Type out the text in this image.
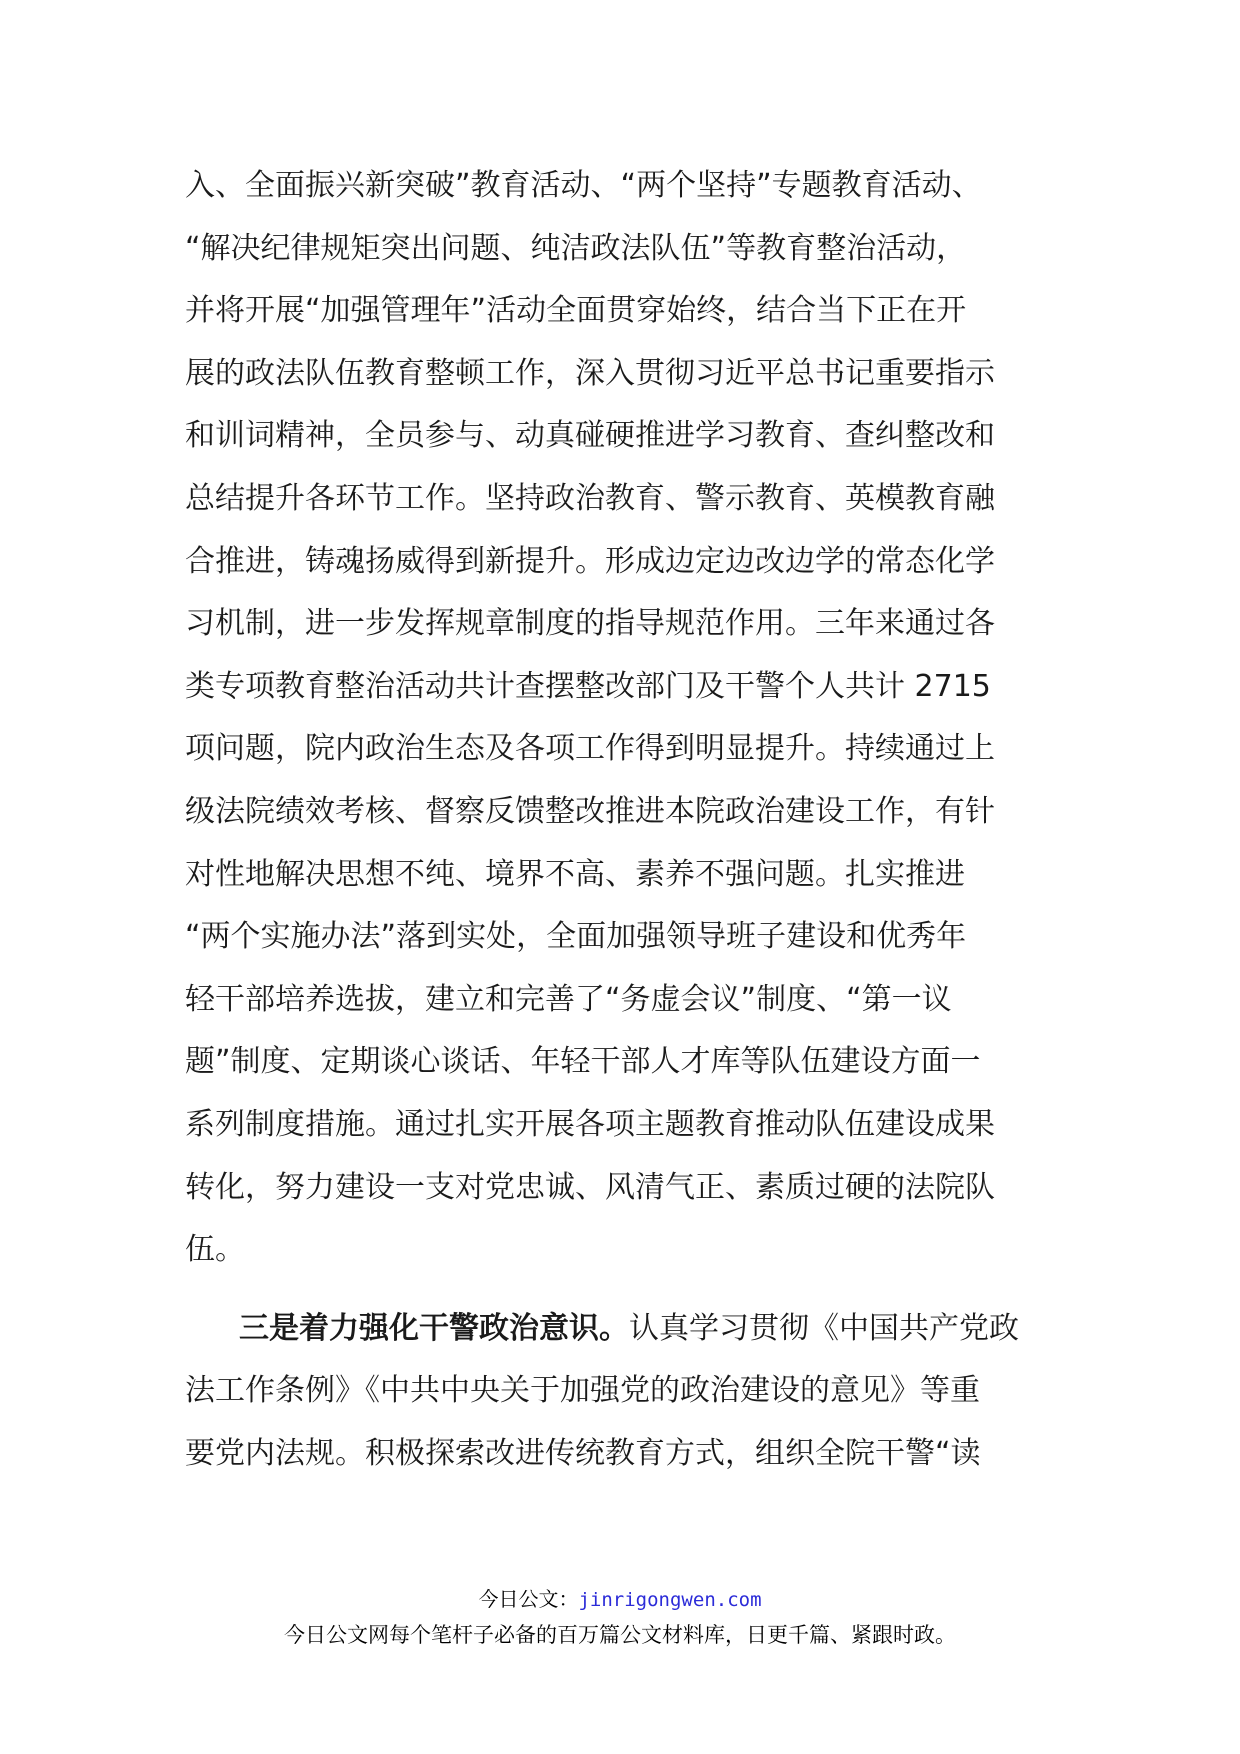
入、全面振兴新突破”教育活动、“两个坚持”专题教育活动、
“解决纪律规矩突出问题、纯洁政法队伍”等教育整治活动，
并将开展“加强管理年”活动全面贯穿始终，结合当下正在开
展的政法队伍教育整顿工作，深入贯彻习近平总书记重要指示
和训词精神，全员参与、动真碰硬推进学习教育、查纠整改和
总结提升各环节工作。坚持政治教育、警示教育、英模教育融
合推进，铸魂扬威得到新提升。形成边定边改边学的常态化学
习机制，进一步发挥规章制度的指导规范作用。三年来通过各
类专项教育整治活动共计查摆整改部门及干警个人共计 2715
项问题，院内政治生态及各项工作得到明显提升。持续通过上
级法院绩效考核、督察反馈整改推进本院政治建设工作，有针
对性地解决思想不纯、境界不高、素养不强问题。扎实推进
“两个实施办法”落到实处，全面加强领导班子建设和优秀年
轻干部培养选拔，建立和完善了“务虚会议”制度、“第一议
题”制度、定期谈心谈话、年轻干部人才库等队伍建设方面一
系列制度措施。通过扎实开展各项主题教育推动队伍建设成果
转化，努力建设一支对党忠诚、风清气正、素质过硬的法院队
伍。
三是着力强化干警政治意识。认真学习贯彻《中国共产党政
法工作条例》《中共中央关于加强党的政治建设的意见》等重
要党内法规。积极探索改进传统教育方式，组织全院干警“读
今日公文：jinrigongwen.com
今日公文网每个笔杆子必备的百万篇公文材料库，日更千篇、紧跟时政。
